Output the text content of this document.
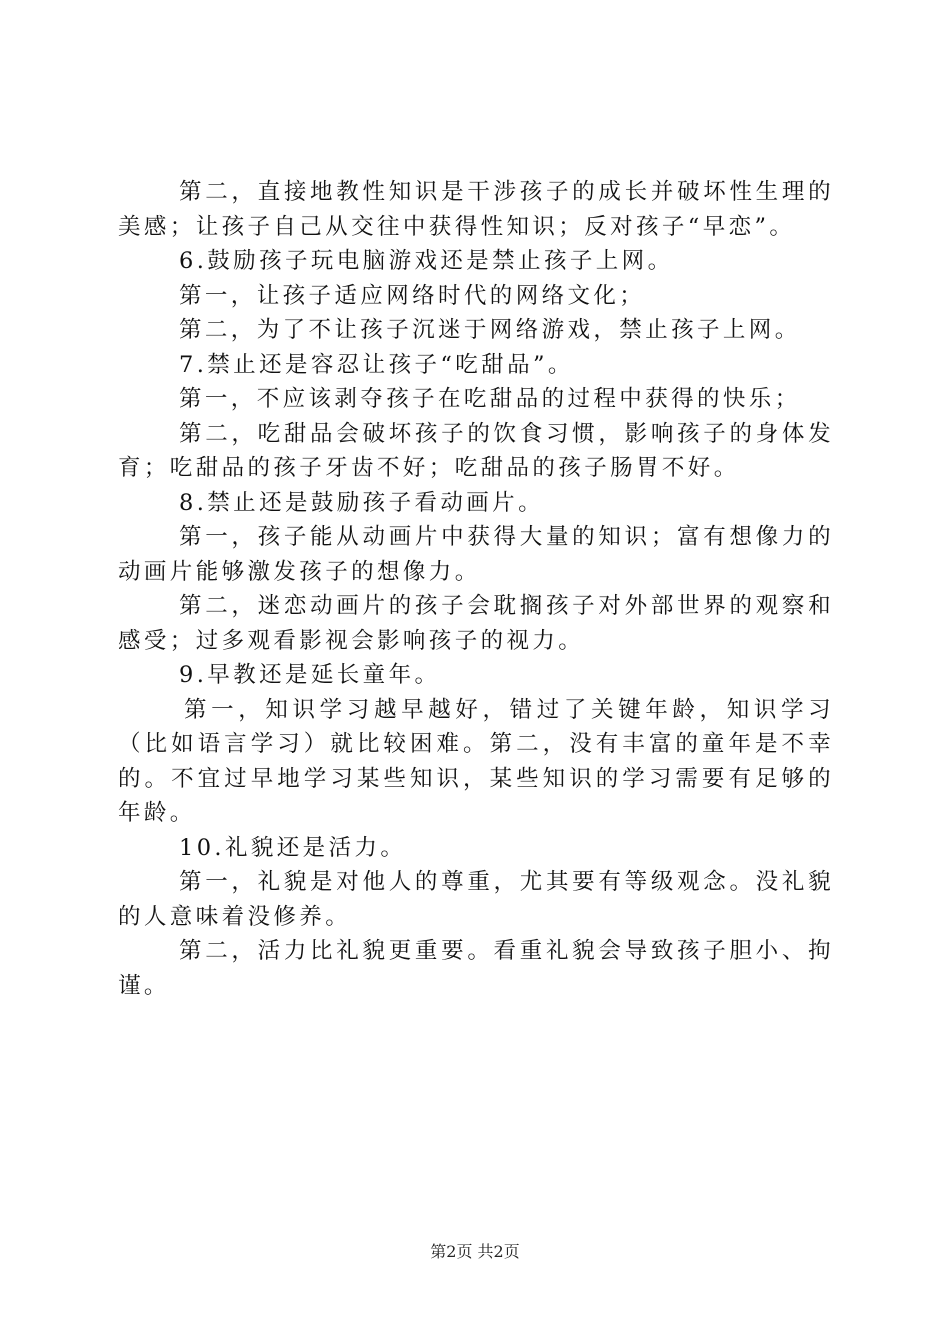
第二，直接地教性知识是干涉孩子的成长并破坏性生理的美感；让孩子自己从交往中获得性知识；反对孩子“早恋”。

6.鼓励孩子玩电脑游戏还是禁止孩子上网。

第一，让孩子适应网络时代的网络文化；

第二，为了不让孩子沉迷于网络游戏，禁止孩子上网。

7.禁止还是容忍让孩子“吃甜品”。

第一，不应该剥夺孩子在吃甜品的过程中获得的快乐；

第二，吃甜品会破坏孩子的饮食习惯，影响孩子的身体发育；吃甜品的孩子牙齿不好；吃甜品的孩子肠胃不好。

8.禁止还是鼓励孩子看动画片。

第一，孩子能从动画片中获得大量的知识；富有想像力的动画片能够激发孩子的想像力。

第二，迷恋动画片的孩子会耽搁孩子对外部世界的观察和感受；过多观看影视会影响孩子的视力。

9.早教还是延长童年。

第一，知识学习越早越好，错过了关键年龄，知识学习（比如语言学习）就比较困难。第二，没有丰富的童年是不幸的。不宜过早地学习某些知识，某些知识的学习需要有足够的年龄。

10.礼貌还是活力。

第一，礼貌是对他人的尊重，尤其要有等级观念。没礼貌的人意味着没修养。

第二，活力比礼貌更重要。看重礼貌会导致孩子胆小、拘谨。

第2页 共2页
